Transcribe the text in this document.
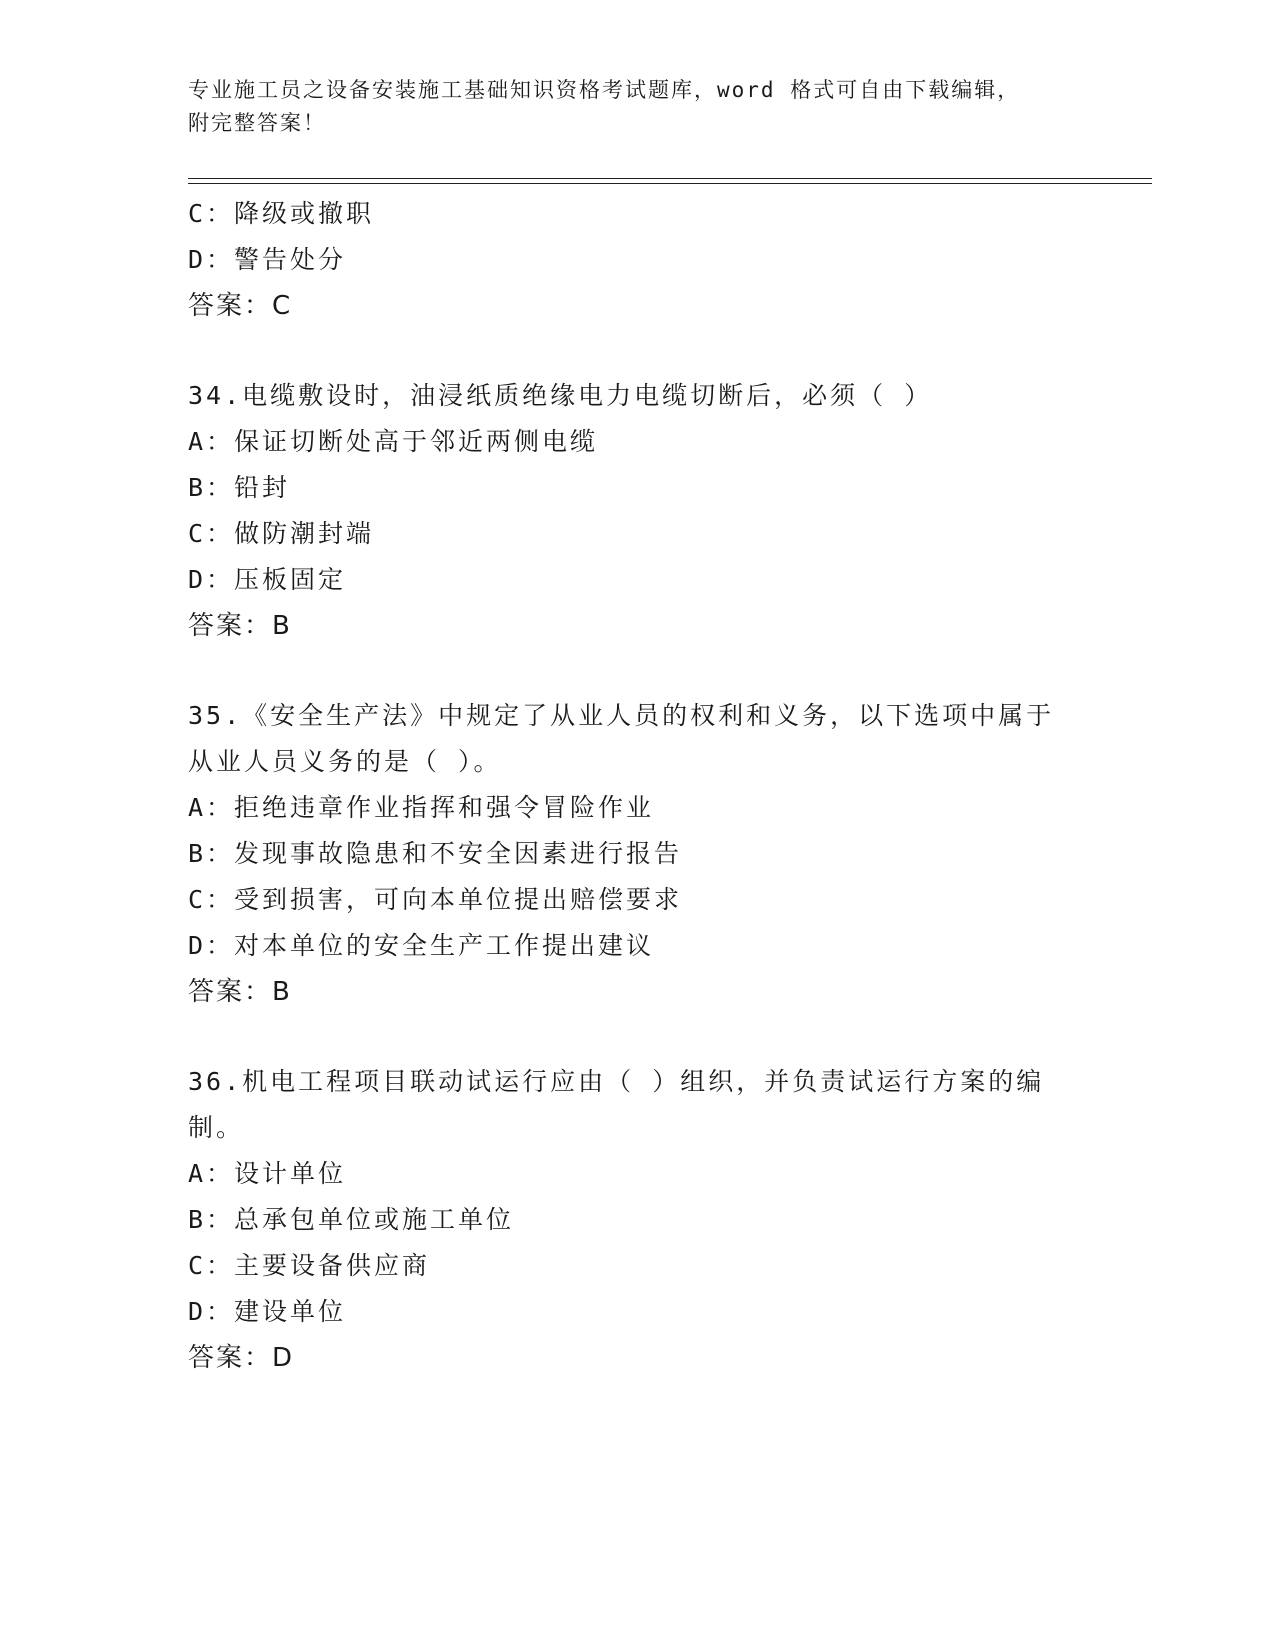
专业施工员之设备安装施工基础知识资格考试题库，word 格式可自由下载编辑，
附完整答案！
C：降级或撤职
D：警告处分
答案：C
34.电缆敷设时，油浸纸质绝缘电力电缆切断后，必须（ ）
A：保证切断处高于邻近两侧电缆
B：铅封
C：做防潮封端
D：压板固定
答案：B
35.《安全生产法》中规定了从业人员的权利和义务，以下选项中属于
从业人员义务的是（ ）。
A：拒绝违章作业指挥和强令冒险作业
B：发现事故隐患和不安全因素进行报告
C：受到损害，可向本单位提出赔偿要求
D：对本单位的安全生产工作提出建议
答案：B
36.机电工程项目联动试运行应由（ ）组织，并负责试运行方案的编
制。
A：设计单位
B：总承包单位或施工单位
C：主要设备供应商
D：建设单位
答案：D
